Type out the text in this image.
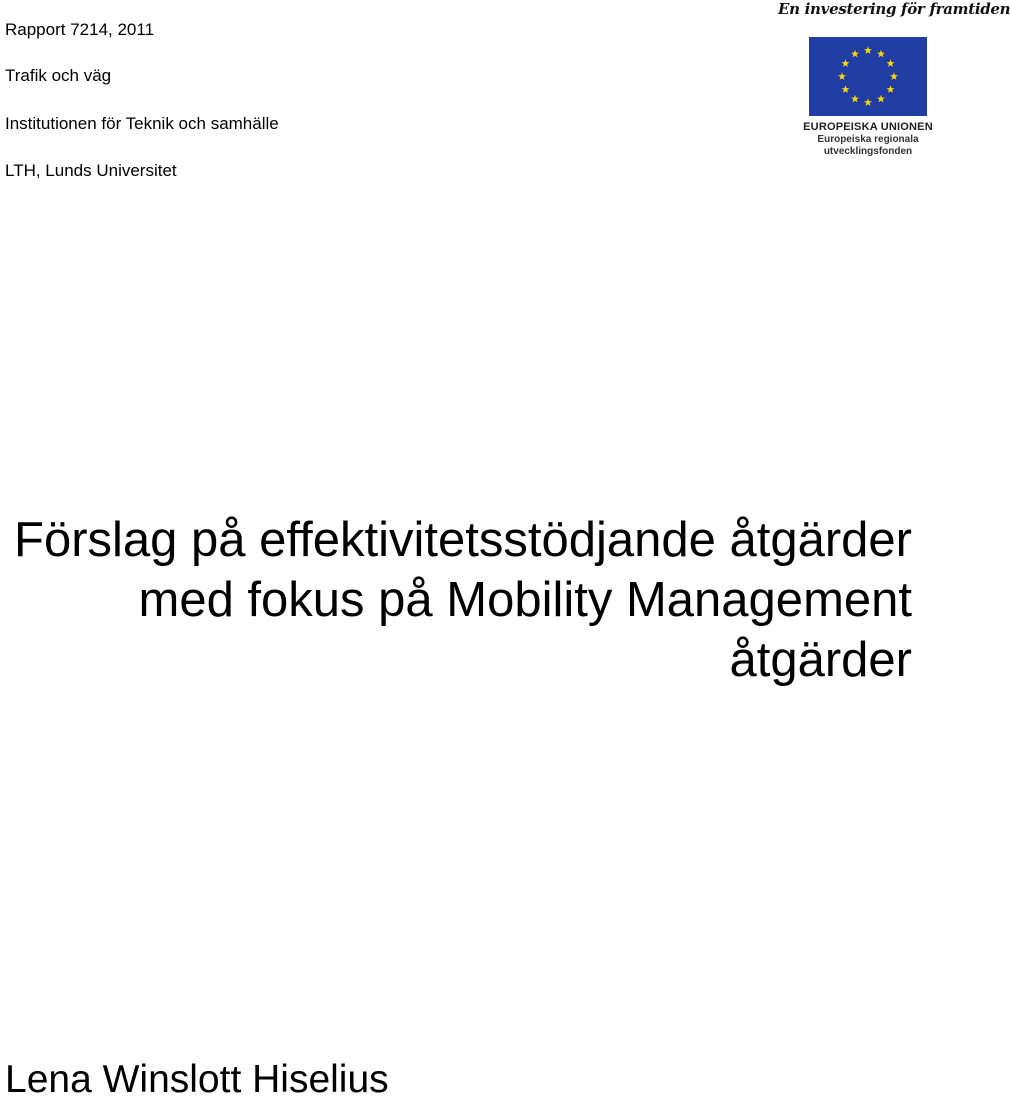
Rapport 7214, 2011
Trafik och väg
Institutionen för Teknik och samhälle
LTH, Lunds Universitet
En investering för framtiden
EUROPEISKA UNIONEN
Europeiska regionala
utvecklingsfonden
Förslag på effektivitetsstödjande åtgärder
med fokus på Mobility Management
åtgärder
Lena Winslott Hiselius
